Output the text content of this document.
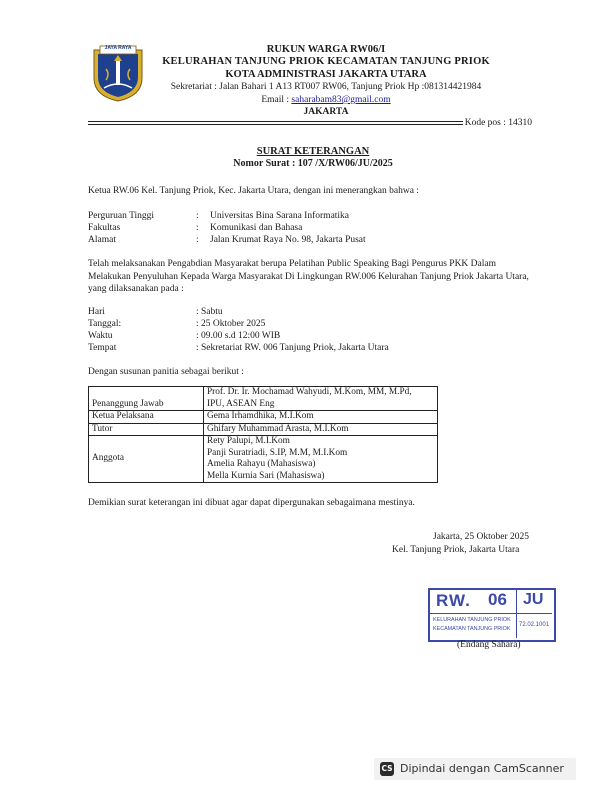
JAYA RAYA	RUKUN WARGA RW06/I
KELURAHAN TANJUNG PRIOK KECAMATAN TANJUNG PRIOK
KOTA ADMINISTRASI JAKARTA UTARA
Sekretariat : Jalan Bahari 1 A13 RT007 RW06, Tanjung Priok Hp :081314421984
Email : saharabam83@gmail.com
JAKARTA
Kode pos : 14310
SURAT KETERANGAN
Nomor Surat : 107 /X/RW06/JU/2025
Ketua RW.06 Kel. Tanjung Priok, Kec. Jakarta Utara, dengan ini menerangkan bahwa :
Perguruan Tinggi	: Universitas Bina Sarana Informatika
Fakultas	: Komunikasi dan Bahasa
Alamat	: Jalan Krumat Raya No. 98, Jakarta Pusat
Telah melaksanakan Pengabdian Masyarakat berupa Pelatihan Public Speaking Bagi Pengurus PKK Dalam Melakukan Penyuluhan Kepada Warga Masyarakat Di Lingkungan RW.006 Kelurahan Tanjung Priok Jakarta Utara, yang dilaksanakan pada :
Hari	: Sabtu
Tanggal:	: 25 Oktober 2025
Waktu	: 09.00 s.d 12:00 WIB
Tempat	: Sekretariat RW. 006 Tanjung Priok, Jakarta Utara
Dengan susunan panitia sebagai berikut :
Penanggung Jawab	Prof. Dr. Ir. Mochamad Wahyudi, M.Kom, MM, M.Pd,
IPU, ASEAN Eng

Ketua Pelaksana	Gema Irhamdhika, M.I.Kom
Tutor	Ghifary Muhammad Arasta, M.I.Kom
Anggota	Rety Palupi, M.I.Kom
Panji Suratriadi, S.IP, M.M, M.I.Kom
Amelia Rahayu (Mahasiswa)
Mella Kurnia Sari (Mahasiswa)
Demikian surat keterangan ini dibuat agar dapat dipergunakan sebagaimana mestinya.
Jakarta, 25 Oktober 2025
Kel. Tanjung Priok, Jakarta Utara
RW. 06 JU
KELURAHAN TANJUNG PRIOK
KECAMATAN TANJUNG PRIOK
72.02.1001
(Endang Sahara)
CS Dipindai dengan CamScanner
